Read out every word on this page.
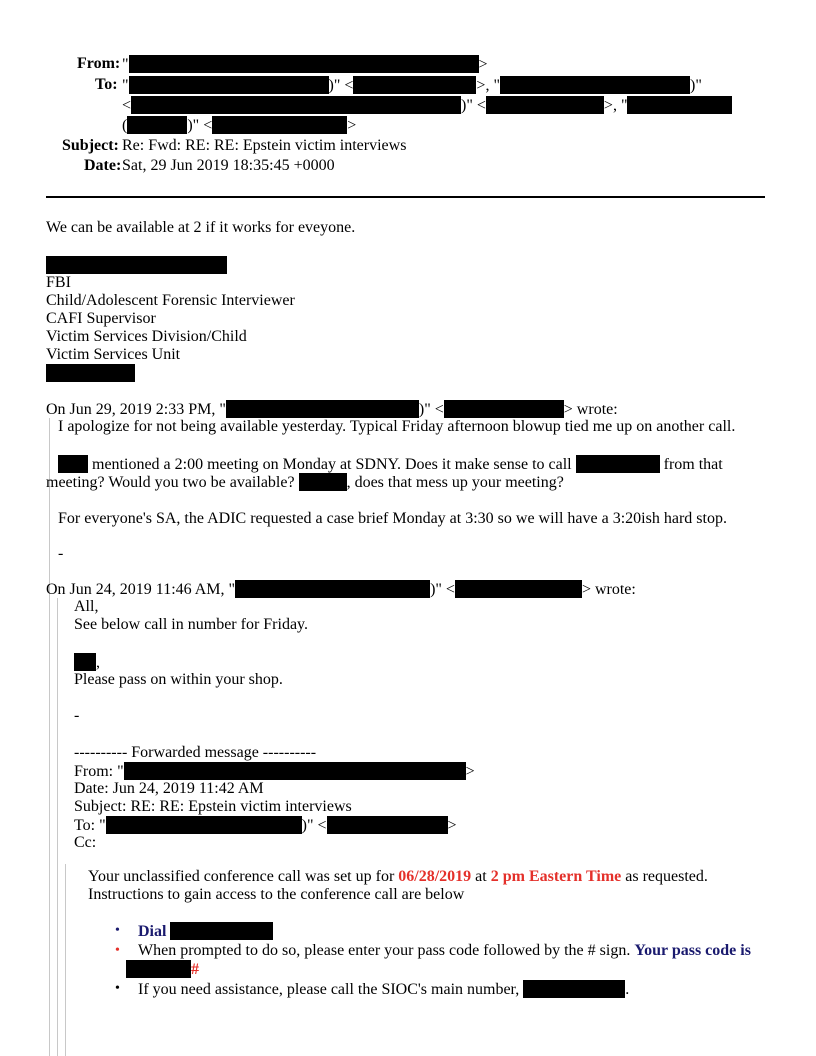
From: "	>
To: "	)" <	>, "	)"
<	)" <	>, "
(	)" <	>
Subject: Re: Fwd: RE: RE: Epstein victim interviews
Date: Sat, 29 Jun 2019 18:35:45 +0000
We can be available at 2 if it works for eveyone.
FBI
Child/Adolescent Forensic Interviewer
CAFI Supervisor
Victim Services Division/Child
Victim Services Unit
On Jun 29, 2019 2:33 PM, "	)" <	> wrote:
I apologize for not being available yesterday. Typical Friday afternoon blowup tied me up on another call.
mentioned a 2:00 meeting on Monday at SDNY. Does it make sense to call	from that
meeting? Would you two be available?	, does that mess up your meeting?
For everyone's SA, the ADIC requested a case brief Monday at 3:30 so we will have a 3:20ish hard stop.
-
On Jun 24, 2019 11:46 AM, "	)" <	> wrote:
All,
See below call in number for Friday.
,
Please pass on within your shop.
-
---------- Forwarded message ----------
From: "	>
Date: Jun 24, 2019 11:42 AM
Subject: RE: RE: Epstein victim interviews
To: "	)" <	>
Cc:
Your unclassified conference call was set up for 06/28/2019 at 2 pm Eastern Time as requested.
Instructions to gain access to the conference call are below
• Dial
• When prompted to do so, please enter your pass code followed by the # sign. Your pass code is
#
• If you need assistance, please call the SIOC's main number,	.
